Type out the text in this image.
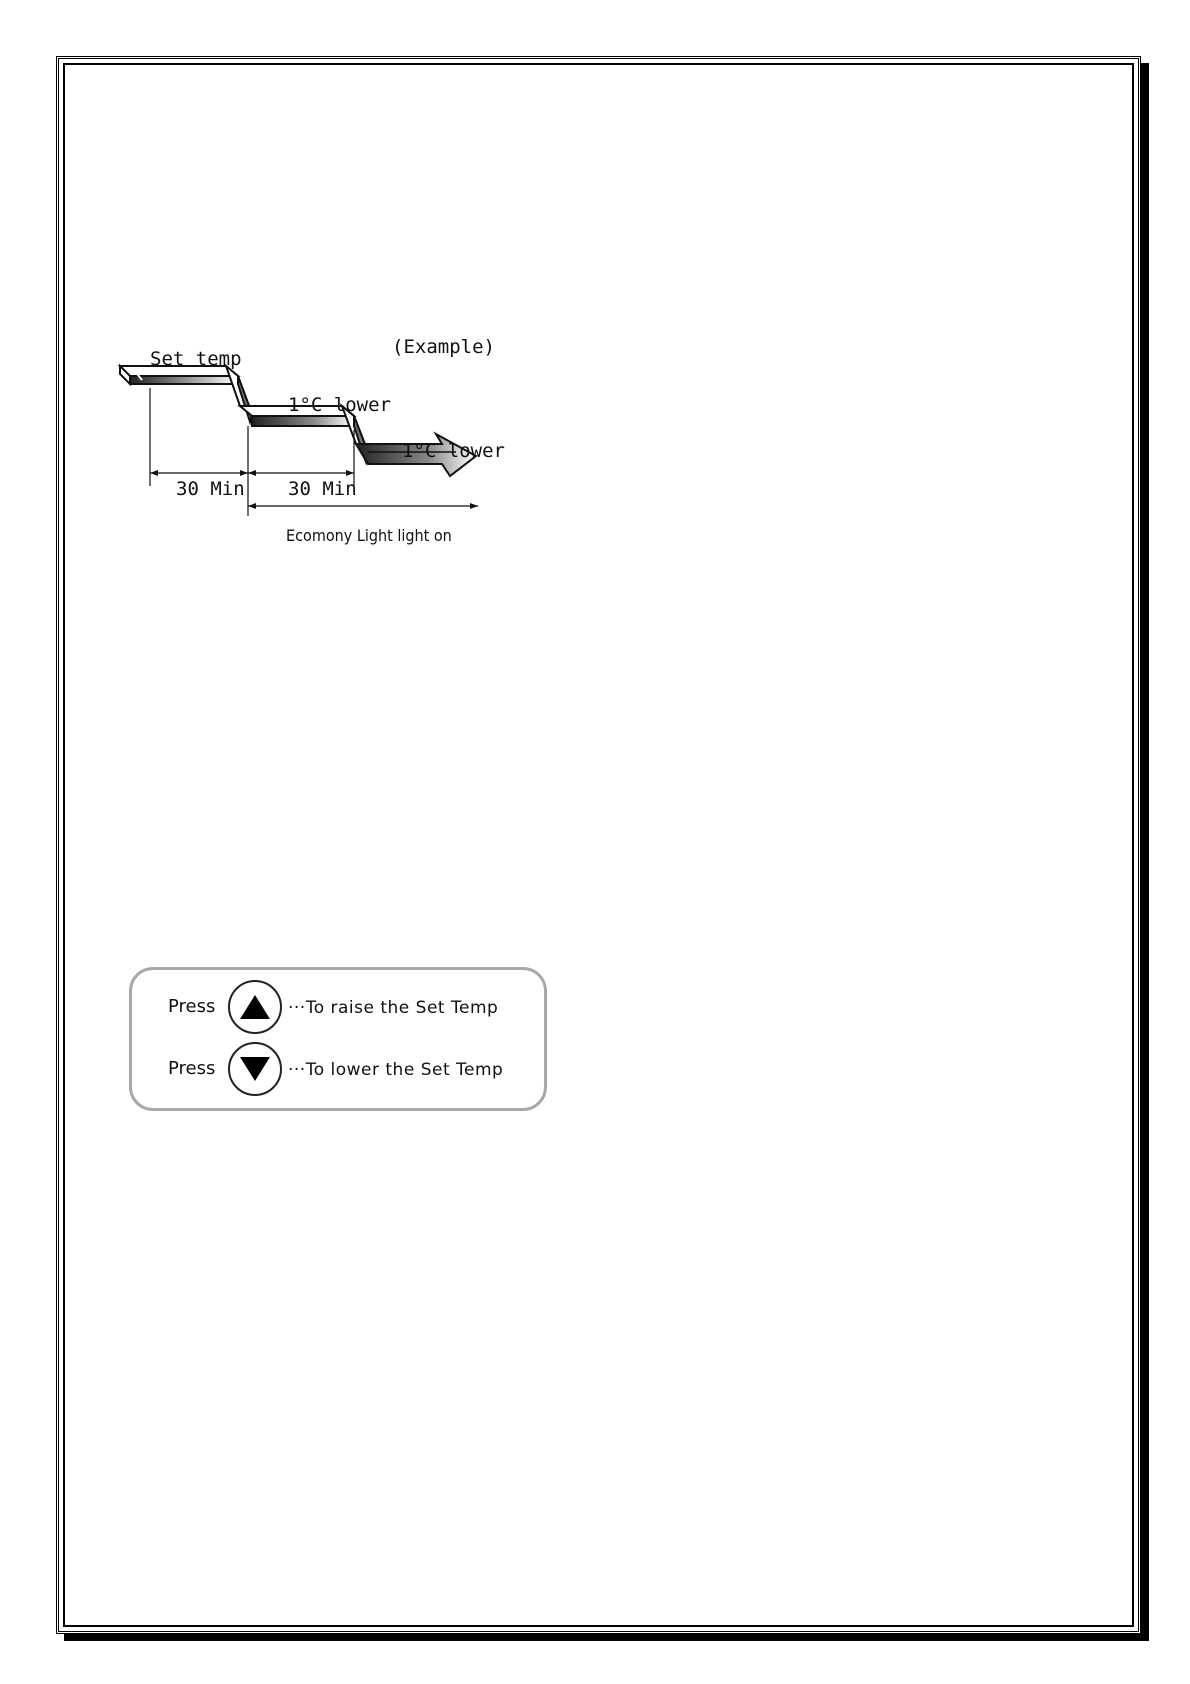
Set temp
(Example)
1°C lower
1°C lower
30 Min 30 Min
Ecomony Light light on
Press	···To raise the Set Temp
Press	···To lower the Set Temp
